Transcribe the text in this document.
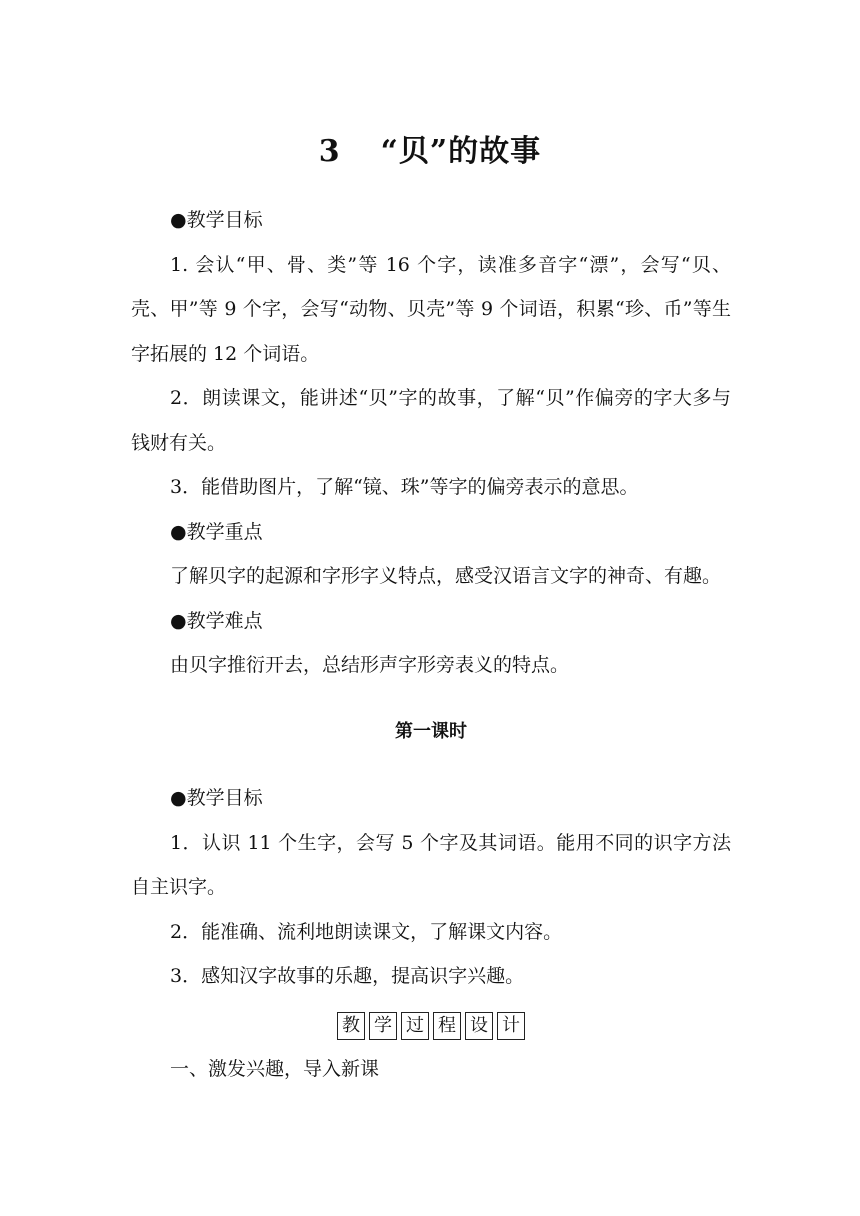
3 “贝”的故事

●教学目标

1. 会认“甲、骨、类”等 16 个字，读准多音字“漂”，会写“贝、壳、甲”等 9 个字，会写“动物、贝壳”等 9 个词语，积累“珍、币”等生字拓展的 12 个词语。

2．朗读课文，能讲述“贝”字的故事，了解“贝”作偏旁的字大多与钱财有关。

3．能借助图片，了解“镜、珠”等字的偏旁表示的意思。

●教学重点

了解贝字的起源和字形字义特点，感受汉语言文字的神奇、有趣。

●教学难点

由贝字推衍开去，总结形声字形旁表义的特点。

第一课时

●教学目标

1．认识 11 个生字，会写 5 个字及其词语。能用不同的识字方法自主识字。

2．能准确、流利地朗读课文，了解课文内容。

3．感知汉字故事的乐趣，提高识字兴趣。

教 学 过 程 设 计

一、激发兴趣，导入新课
